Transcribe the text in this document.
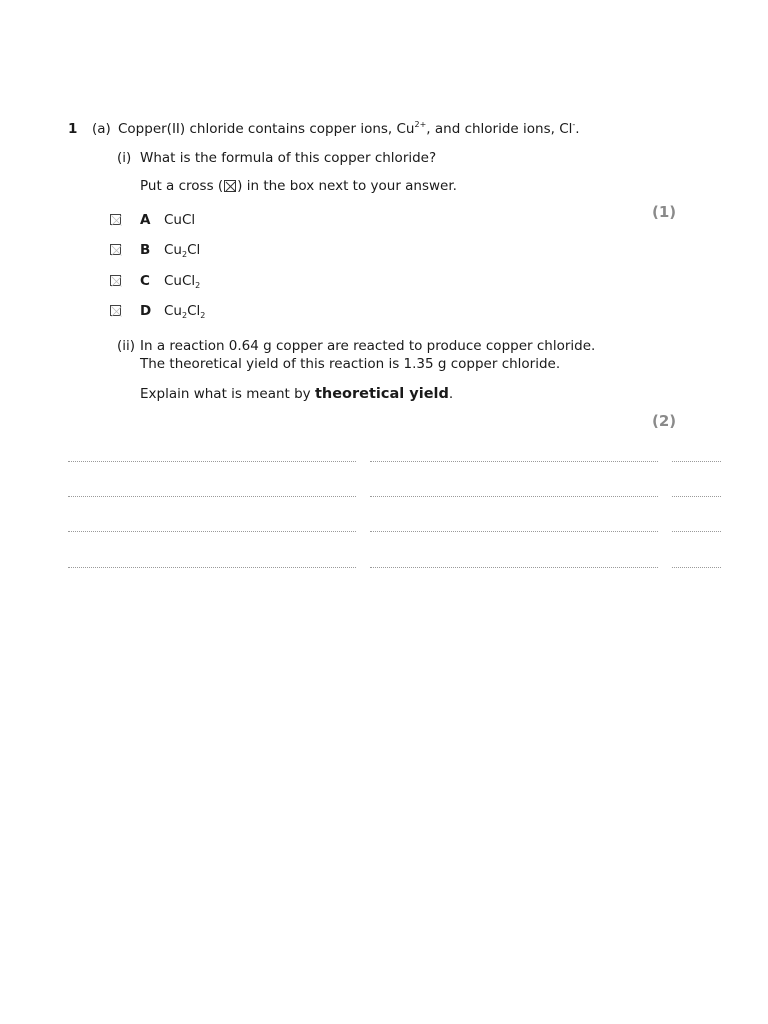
1 (a) Copper(II) chloride contains copper ions, $Cu^{2+}$, and chloride ions, Cl-.
(i) What is the formula of this copper chloride?
Put a cross (☒) in the box next to your answer.
(1)
A CuCl
B $Cu_2Cl$
C CuCl$_2$
D $Cu_2Cl_2$
(ii) In a reaction 0.64 g copper are reacted to produce copper chloride.
The theoretical yield of this reaction is 1.35 g copper chloride.
Explain what is meant by theoretical yield.
(2)
